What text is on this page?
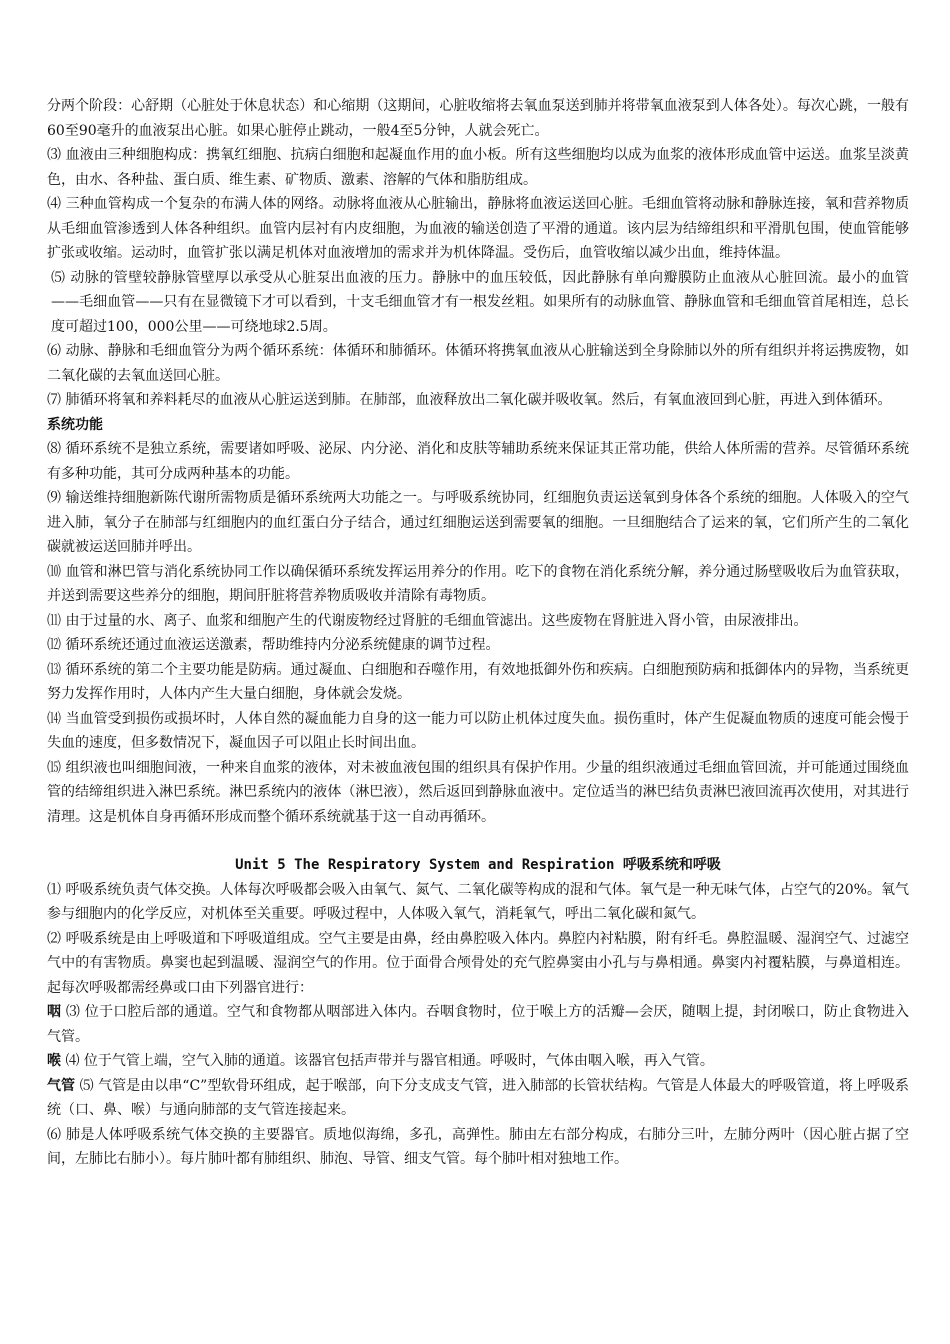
分两个阶段：心舒期（心脏处于休息状态）和心缩期（这期间，心脏收缩将去氧血泵送到肺并将带氧血液泵到人体各处）。每次心跳，一般有60至90毫升的血液泵出心脏。如果心脏停止跳动，一般4至5分钟，人就会死亡。

⑶ 血液由三种细胞构成：携氧红细胞、抗病白细胞和起凝血作用的血小板。所有这些细胞均以成为血浆的液体形成血管中运送。血浆呈淡黄色，由水、各种盐、蛋白质、维生素、矿物质、激素、溶解的气体和脂肪组成。

⑷ 三种血管构成一个复杂的布满人体的网络。动脉将血液从心脏输出，静脉将血液运送回心脏。毛细血管将动脉和静脉连接，氧和营养物质从毛细血管渗透到人体各种组织。血管内层衬有内皮细胞，为血液的输送创造了平滑的通道。该内层为结缔组织和平滑肌包围，使血管能够扩张或收缩。运动时，血管扩张以满足机体对血液增加的需求并为机体降温。受伤后，血管收缩以减少出血，维持体温。

⑸ 动脉的管壁较静脉管壁厚以承受从心脏泵出血液的压力。静脉中的血压较低，因此静脉有单向瓣膜防止血液从心脏回流。最小的血管——毛细血管——只有在显微镜下才可以看到，十支毛细血管才有一根发丝粗。如果所有的动脉血管、静脉血管和毛细血管首尾相连，总长度可超过100，000公里——可绕地球2.5周。

⑹ 动脉、静脉和毛细血管分为两个循环系统：体循环和肺循环。体循环将携氧血液从心脏输送到全身除肺以外的所有组织并将运携废物，如二氧化碳的去氧血送回心脏。

⑺ 肺循环将氧和养料耗尽的血液从心脏运送到肺。在肺部，血液释放出二氧化碳并吸收氧。然后，有氧血液回到心脏，再进入到体循环。

系统功能

⑻ 循环系统不是独立系统，需要诸如呼吸、泌尿、内分泌、消化和皮肤等辅助系统来保证其正常功能，供给人体所需的营养。尽管循环系统有多种功能，其可分成两种基本的功能。

⑼ 输送维持细胞新陈代谢所需物质是循环系统两大功能之一。与呼吸系统协同，红细胞负责运送氧到身体各个系统的细胞。人体吸入的空气进入肺，氧分子在肺部与红细胞内的血红蛋白分子结合，通过红细胞运送到需要氧的细胞。一旦细胞结合了运来的氧，它们所产生的二氧化碳就被运送回肺并呼出。

⑽ 血管和淋巴管与消化系统协同工作以确保循环系统发挥运用养分的作用。吃下的食物在消化系统分解，养分通过肠壁吸收后为血管获取，并送到需要这些养分的细胞，期间肝脏将营养物质吸收并清除有毒物质。

⑾ 由于过量的水、离子、血浆和细胞产生的代谢废物经过肾脏的毛细血管滤出。这些废物在肾脏进入肾小管，由尿液排出。

⑿ 循环系统还通过血液运送激素，帮助维持内分泌系统健康的调节过程。

⒀ 循环系统的第二个主要功能是防病。通过凝血、白细胞和吞噬作用，有效地抵御外伤和疾病。白细胞预防病和抵御体内的异物，当系统更努力发挥作用时，人体内产生大量白细胞，身体就会发烧。

⒁ 当血管受到损伤或损坏时，人体自然的凝血能力自身的这一能力可以防止机体过度失血。损伤重时，体产生促凝血物质的速度可能会慢于失血的速度，但多数情况下，凝血因子可以阻止长时间出血。

⒂ 组织液也叫细胞间液，一种来自血浆的液体，对未被血液包围的组织具有保护作用。少量的组织液通过毛细血管回流，并可能通过围绕血管的结缔组织进入淋巴系统。淋巴系统内的液体（淋巴液），然后返回到静脉血液中。定位适当的淋巴结负责淋巴液回流再次使用，对其进行清理。这是机体自身再循环形成而整个循环系统就基于这一自动再循环。

Unit 5 The Respiratory System and Respiration 呼吸系统和呼吸

⑴ 呼吸系统负责气体交换。人体每次呼吸都会吸入由氧气、氮气、二氧化碳等构成的混和气体。氧气是一种无味气体，占空气的20%。氧气参与细胞内的化学反应，对机体至关重要。呼吸过程中，人体吸入氧气，消耗氧气，呼出二氧化碳和氮气。

⑵ 呼吸系统是由上呼吸道和下呼吸道组成。空气主要是由鼻，经由鼻腔吸入体内。鼻腔内衬粘膜，附有纤毛。鼻腔温暖、湿润空气、过滤空气中的有害物质。鼻窦也起到温暖、湿润空气的作用。位于面骨合颅骨处的充气腔鼻窦由小孔与与鼻相通。鼻窦内衬覆粘膜，与鼻道相连。起每次呼吸都需经鼻或口由下列器官进行：

咽 ⑶ 位于口腔后部的通道。空气和食物都从咽部进入体内。吞咽食物时，位于喉上方的活瓣—会厌，随咽上提，封闭喉口，防止食物进入气管。

喉 ⑷ 位于气管上端，空气入肺的通道。该器官包括声带并与器官相通。呼吸时，气体由咽入喉，再入气管。

气管 ⑸ 气管是由以串“C”型软骨环组成，起于喉部，向下分支成支气管，进入肺部的长管状结构。气管是人体最大的呼吸管道，将上呼吸系统（口、鼻、喉）与通向肺部的支气管连接起来。

⑹ 肺是人体呼吸系统气体交换的主要器官。质地似海绵，多孔，高弹性。肺由左右部分构成，右肺分三叶，左肺分两叶（因心脏占据了空间，左肺比右肺小）。每片肺叶都有肺组织、肺泡、导管、细支气管。每个肺叶相对独地工作。
